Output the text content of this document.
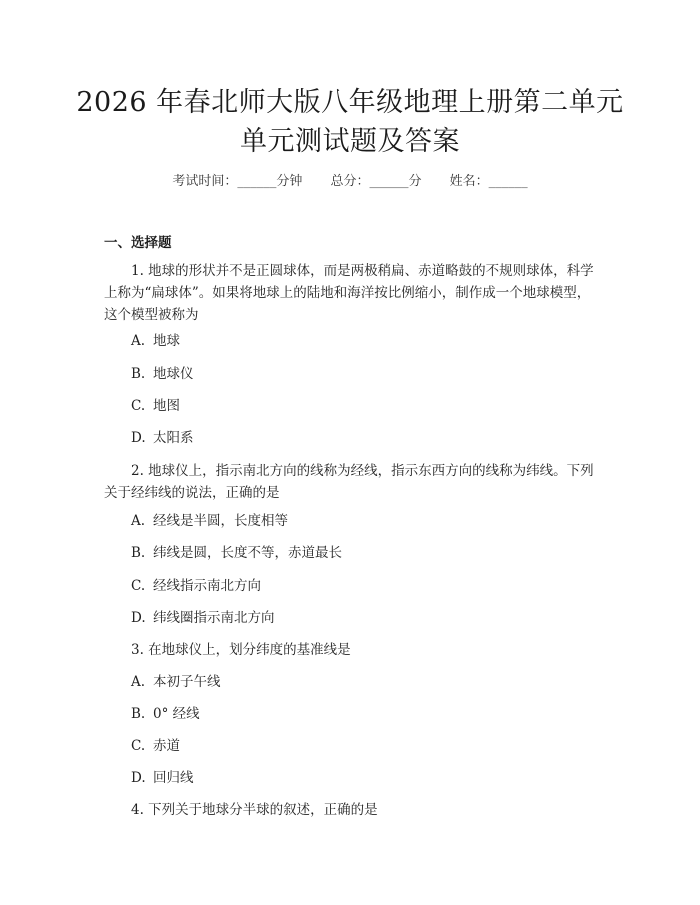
2026 年春北师大版八年级地理上册第二单元
单元测试题及答案
考试时间：______分钟 总分：______分 姓名：______
一、选择题
1. 地球的形状并不是正圆球体，而是两极稍扁、赤道略鼓的不规则球体，科学上称为“扁球体”。如果将地球上的陆地和海洋按比例缩小，制作成一个地球模型，这个模型被称为
A. 地球
B. 地球仪
C. 地图
D. 太阳系
2. 地球仪上，指示南北方向的线称为经线，指示东西方向的线称为纬线。下列关于经纬线的说法，正确的是
A. 经线是半圆，长度相等
B. 纬线是圆，长度不等，赤道最长
C. 经线指示南北方向
D. 纬线圈指示南北方向
3. 在地球仪上，划分纬度的基准线是
A. 本初子午线
B. 0° 经线
C. 赤道
D. 回归线
4. 下列关于地球分半球的叙述，正确的是
